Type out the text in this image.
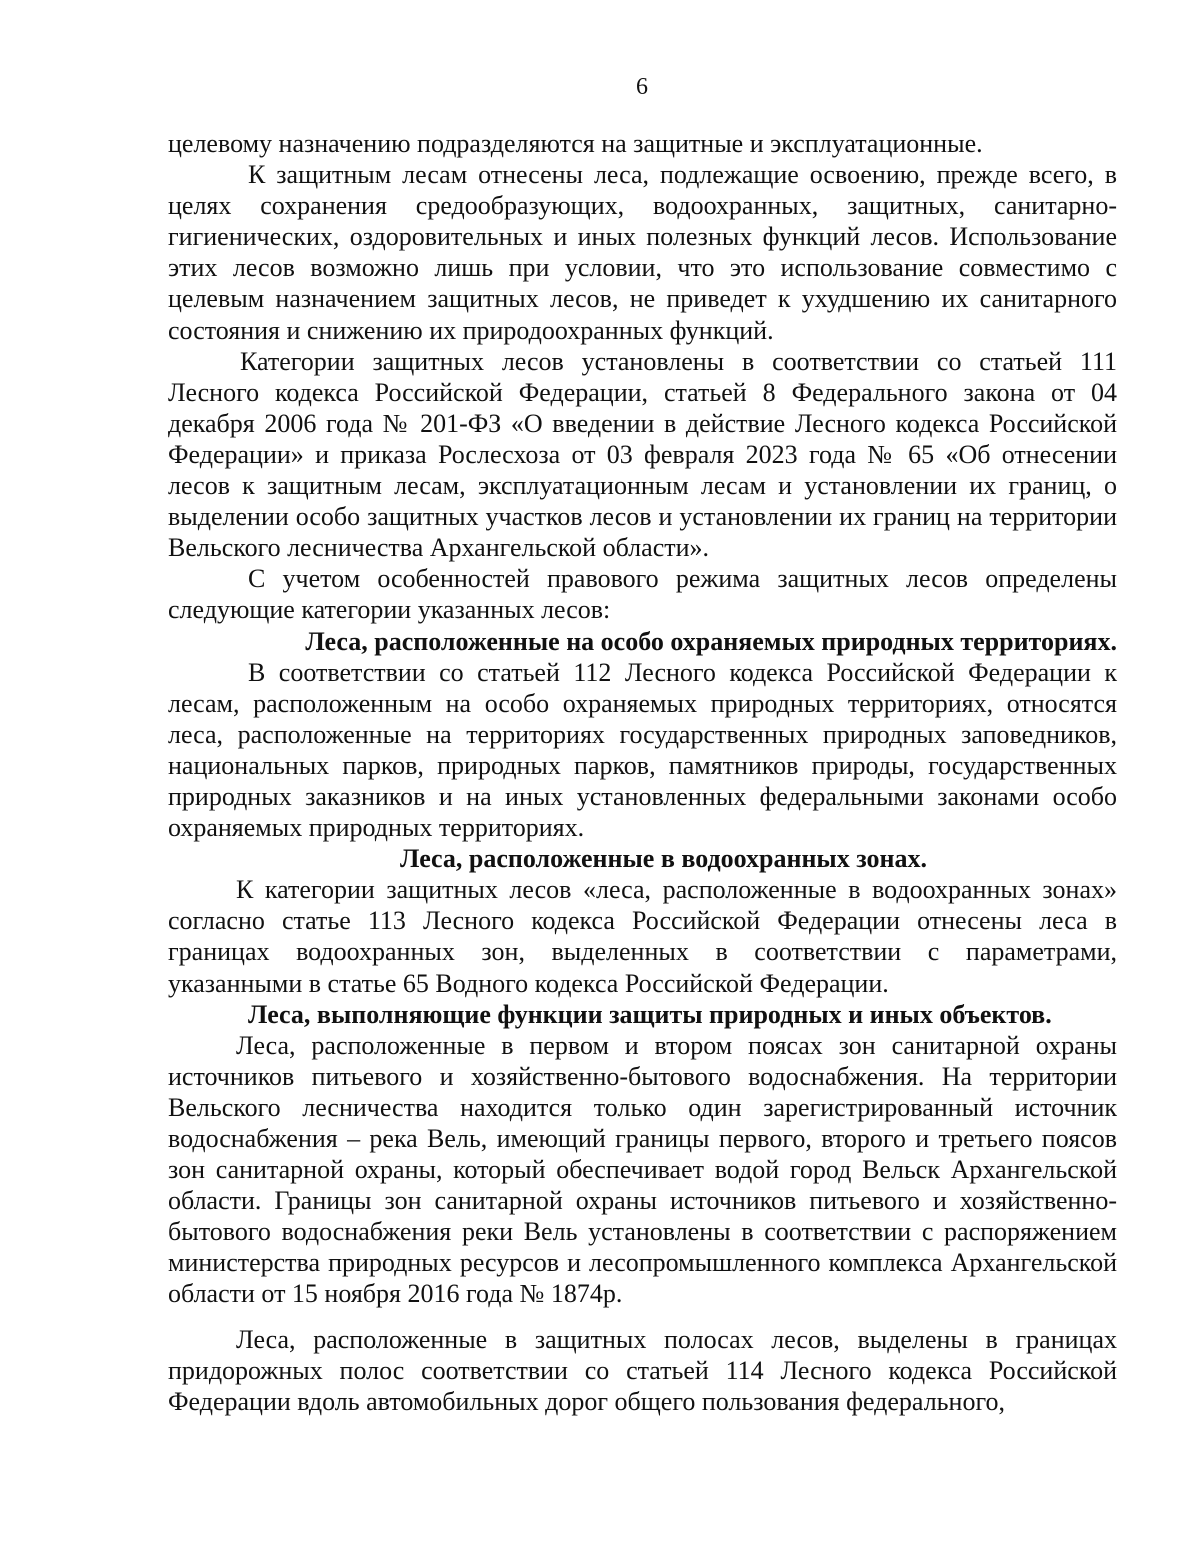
6

целевому назначению подразделяются на защитные и эксплуатационные.

К защитным лесам отнесены леса, подлежащие освоению, прежде всего, в целях сохранения средообразующих, водоохранных, защитных, санитарно-гигиенических, оздоровительных и иных полезных функций лесов. Использование этих лесов возможно лишь при условии, что это использование совместимо с целевым назначением защитных лесов, не приведет к ухудшению их санитарного состояния и снижению их природоохранных функций.

Категории защитных лесов установлены в соответствии со статьей 111 Лесного кодекса Российской Федерации, статьей 8 Федерального закона от 04 декабря 2006 года № 201-ФЗ «О введении в действие Лесного кодекса Российской Федерации» и приказа Рослесхоза от 03 февраля 2023 года № 65 «Об отнесении лесов к защитным лесам, эксплуатационным лесам и установлении их границ, о выделении особо защитных участков лесов и установлении их границ на территории Вельского лесничества Архангельской области».

С учетом особенностей правового режима защитных лесов определены следующие категории указанных лесов:

Леса, расположенные на особо охраняемых природных территориях.

В соответствии со статьей 112 Лесного кодекса Российской Федерации к лесам, расположенным на особо охраняемых природных территориях, относятся леса, расположенные на территориях государственных природных заповедников, национальных парков, природных парков, памятников природы, государственных природных заказников и на иных установленных федеральными законами особо охраняемых природных территориях.

Леса, расположенные в водоохранных зонах.

К категории защитных лесов «леса, расположенные в водоохранных зонах» согласно статье 113 Лесного кодекса Российской Федерации отнесены леса в границах водоохранных зон, выделенных в соответствии с параметрами, указанными в статье 65 Водного кодекса Российской Федерации.

Леса, выполняющие функции защиты природных и иных объектов.

Леса, расположенные в первом и втором поясах зон санитарной охраны источников питьевого и хозяйственно-бытового водоснабжения. На территории Вельского лесничества находится только один зарегистрированный источник водоснабжения – река Вель, имеющий границы первого, второго и третьего поясов зон санитарной охраны, который обеспечивает водой город Вельск Архангельской области. Границы зон санитарной охраны источников питьевого и хозяйственно-бытового водоснабжения реки Вель установлены в соответствии с распоряжением министерства природных ресурсов и лесопромышленного комплекса Архангельской области от 15 ноября 2016 года № 1874р.

Леса, расположенные в защитных полосах лесов, выделены в границах придорожных полос соответствии со статьей 114 Лесного кодекса Российской Федерации вдоль автомобильных дорог общего пользования федерального,
